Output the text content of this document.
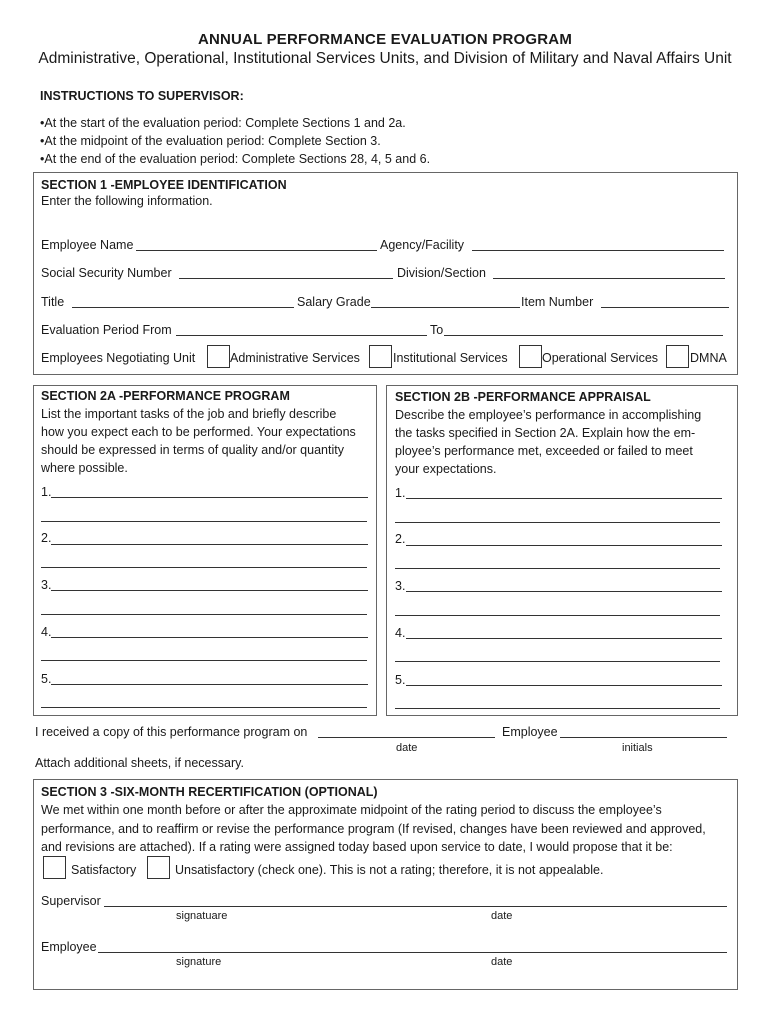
ANNUAL PERFORMANCE EVALUATION PROGRAM
Administrative, Operational, Institutional Services Units, and Division of Military and Naval Affairs Unit
INSTRUCTIONS TO SUPERVISOR:
•At the start of the evaluation period: Complete Sections 1 and 2a.
•At the midpoint of the evaluation period: Complete Section 3.
•At the end of the evaluation period: Complete Sections 28, 4, 5 and 6.
SECTION 1 -EMPLOYEE IDENTIFICATION
Enter the following information.
Employee Name	Agency/Facility
Social Security Number	Division/Section
Title	Salary Grade	Item Number
Evaluation Period From	To
Employees Negotiating Unit	Administrative Services	Institutional Services	Operational Services	DMNA
SECTION 2A -PERFORMANCE PROGRAM
List the important tasks of the job and briefly describe
how you expect each to be performed. Your expectations
should be expressed in terms of quality and/or quantity
where possible.
1.
2.
3.
4.
5.
SECTION 2B -PERFORMANCE APPRAISAL
Describe the employee’s performance in accomplishing
the tasks specified in Section 2A. Explain how the em-
ployee’s performance met, exceeded or failed to meet
your expectations.
1.
2.
3.
4.
5.
I received a copy of this performance program on	Employee
date	initials
Attach additional sheets, if necessary.
SECTION 3 -SIX-MONTH RECERTIFICATION (OPTIONAL)
We met within one month before or after the approximate midpoint of the rating period to discuss the employee’s
performance, and to reaffirm or revise the performance program (If revised, changes have been reviewed and approved,
and revisions are attached). If a rating were assigned today based upon service to date, I would propose that it be:
Satisfactory	Unsatisfactory (check one). This is not a rating; therefore, it is not appealable.
Supervisor
signatuare	date
Employee
signature	date
